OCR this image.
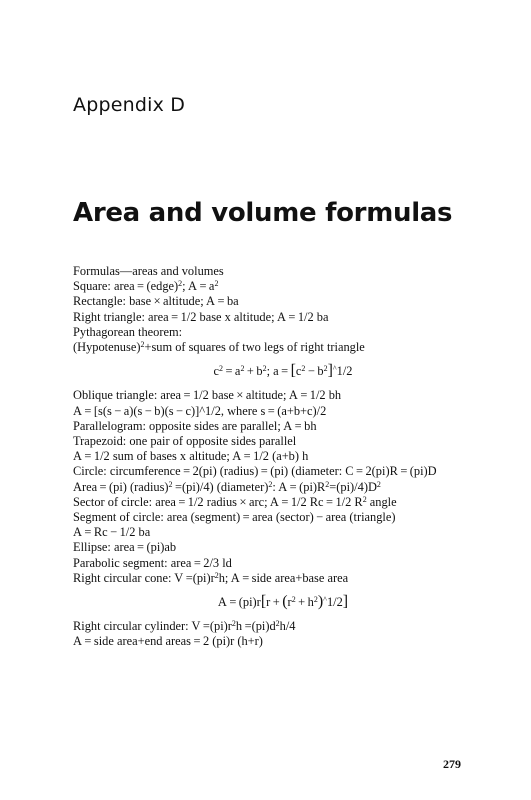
Appendix D
Area and volume formulas
Formulas—areas and volumes
Square: area = (edge)$^2$; $A = a^2$
Rectangle: base × altitude; A = ba
Right triangle: area = 1/2 base x altitude; A = 1/2 ba
Pythagorean theorem:
(Hypotenuse)$^2$+sum of squares of two legs of right triangle
$c^2 = a^2 + b^2$; $a = [c^2 - b^2]^{\^{}}1/2$
Oblique triangle: area = 1/2 base × altitude; A = 1/2 bh
A = [s(s − a)(s − b)(s − c)]^1/2, where s = (a+b+c)/2
Parallelogram: opposite sides are parallel; A = bh
Trapezoid: one pair of opposite sides parallel
A = 1/2 sum of bases x altitude; A = 1/2 (a+b) h
Circle: circumference = 2(pi) (radius) = (pi) (diameter: C = 2(pi)R = (pi)D
Area = (pi) (radius)$^2$ =(pi)/4) (diameter)$^2$: $A = (pi)R^2=(pi)/4)D^2$
Sector of circle: area = 1/2 radius × arc; A = 1/2 Rc = 1/2 $R^2$ angle
Segment of circle: area (segment) = area (sector) − area (triangle)
A = Rc − 1/2 ba
Ellipse: area = (pi)ab
Parabolic segment: area = 2/3 ld
Right circular cone: $V =(pi)r^2h$; A = side area+base area
$A = (pi)r[r + (r^2 + h^2)^{\^{}}1/2]$
Right circular cylinder: $V =(pi)r^2h =(pi)d^2h/4$
A = side area+end areas = 2 (pi)r (h+r)
279
